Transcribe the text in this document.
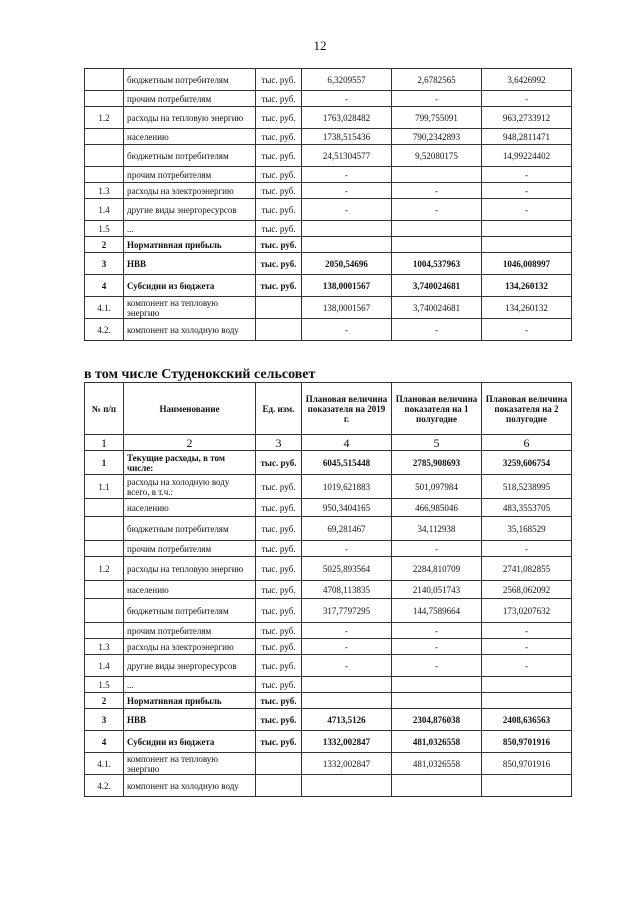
12
	бюджетным потребителям	тыс. руб.	6,3209557	2,6782565	3,6426992
	прочим потребителям	тыс. руб.	-	-	-
1.2	расходы на тепловую энергию	тыс. руб.	1763,028482	799,755091	963,2733912
	населению	тыс. руб.	1738,515436	790,2342893	948,2811471
	бюджетным потребителям	тыс. руб.	24,51304577	9,52080175	14,99224402
	прочим потребителям	тыс. руб.	-		-
1.3	расходы на электроэнергию	тыс. руб.	-	-	-
1.4	другие виды энергоресурсов	тыс. руб.	-	-	-
1.5	...	тыс. руб.			
2	Нормативная прибыль	тыс. руб.			
3	НВВ	тыс. руб.	2050,54696	1004,537963	1046,008997
4	Субсидии из бюджета	тыс. руб.	138,0001567	3,740024681	134,260132
4.1.	компонент на тепловую энергию		138,0001567	3,740024681	134,260132
4.2.	компонент на холодную воду		-	-	-
в том числе Студенокский сельсовет
№ п/п	Наименование	Ед. изм.	Плановая величина показателя на 2019 г.	Плановая величина показателя на 1 полугодие	Плановая величина показателя на 2 полугодие
1	2	3	4	5	6
1	Текущие расходы, в том числе:	тыс. руб.	6045,515448	2785,908693	3259,606754
1.1	расходы на холодную воду всего, в т.ч.:	тыс. руб.	1019,621883	501,097984	518,5238995
	населению	тыс. руб.	950,3404165	466,985046	483,3553705
	бюджетным потребителям	тыс. руб.	69,281467	34,112938	35,168529
	прочим потребителям	тыс. руб.	-	-	-
1.2	расходы на тепловую энергию	тыс. руб.	5025,893564	2284,810709	2741,082855
	населению	тыс. руб.	4708,113835	2140,051743	2568,062092
	бюджетным потребителям	тыс. руб.	317,7797295	144,7589664	173,0207632
	прочим потребителям	тыс. руб.	-	-	-
1.3	расходы на электроэнергию	тыс. руб.	-	-	-
1.4	другие виды энергоресурсов	тыс. руб.	-	-	-
1.5	...	тыс. руб.			
2	Нормативная прибыль	тыс. руб.			
3	НВВ	тыс. руб.	4713,5126	2304,876038	2408,636563
4	Субсидии из бюджета	тыс. руб.	1332,002847	481,0326558	850,9701916
4.1.	компонент на тепловую энергию		1332,002847	481,0326558	850,9701916
4.2.	компонент на холодную воду				
